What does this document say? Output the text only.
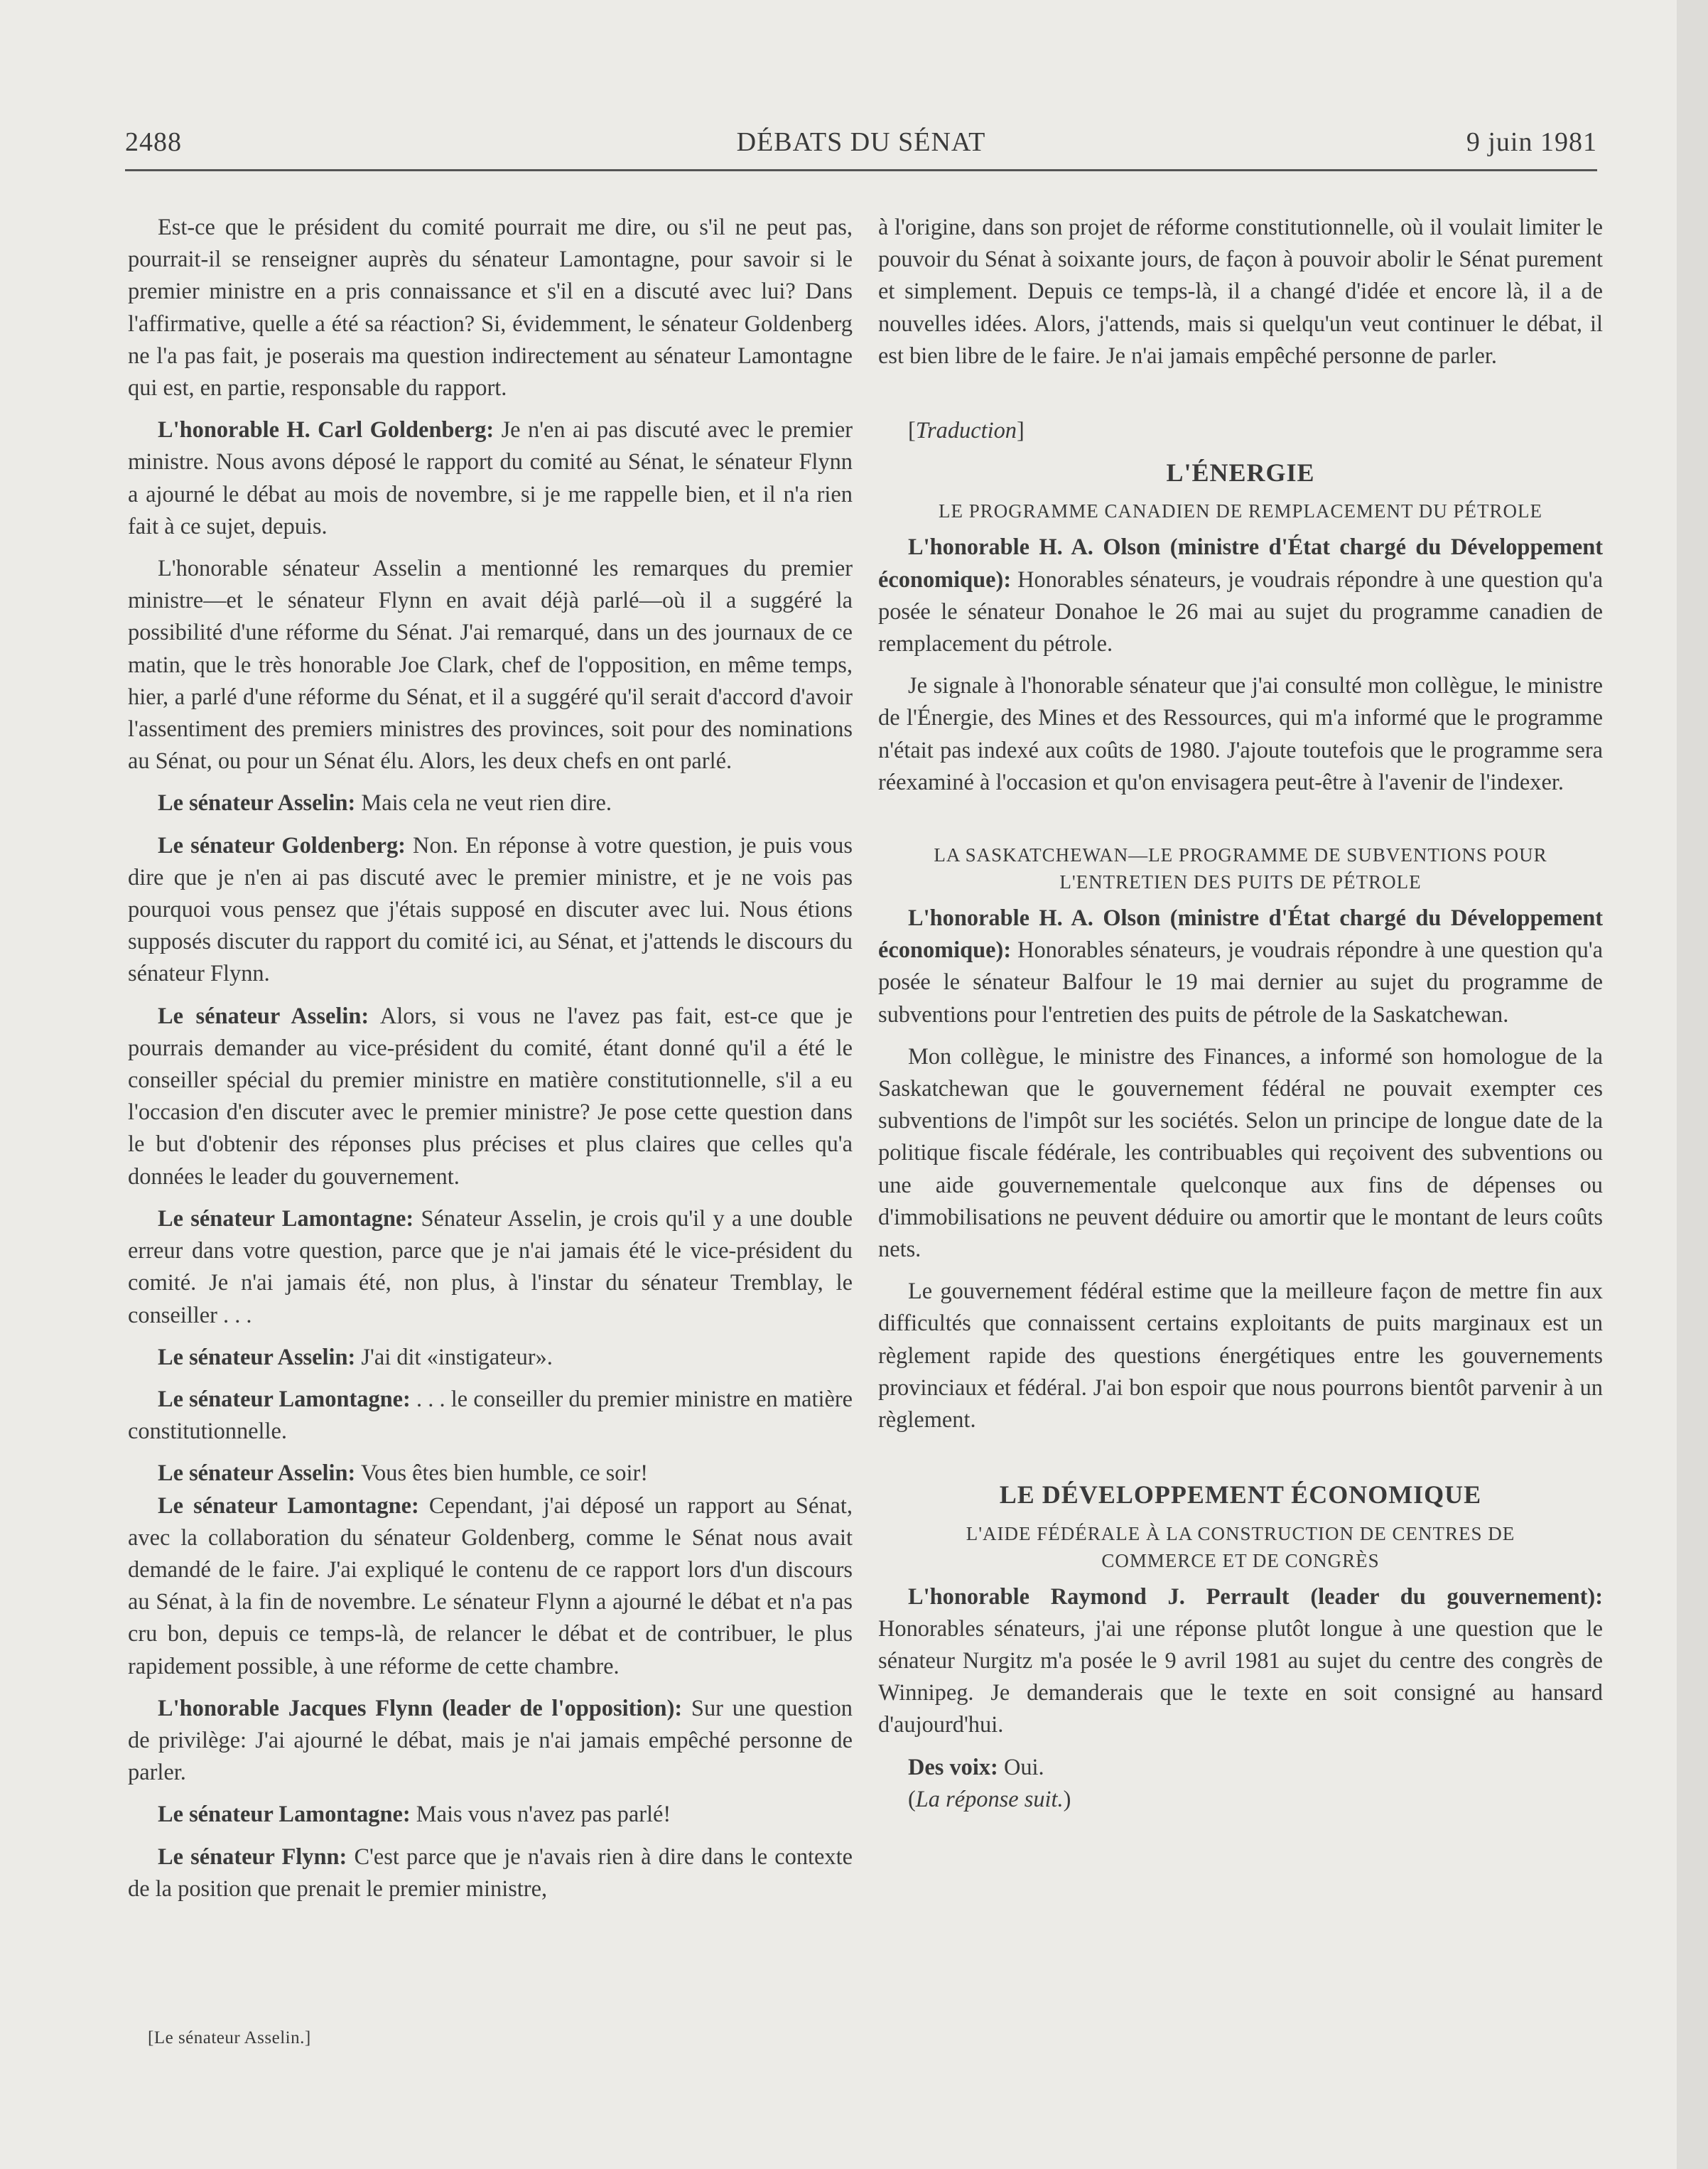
2488	DÉBATS DU SÉNAT	9 juin 1981

Est-ce que le président du comité pourrait me dire, ou s'il ne peut pas, pourrait-il se renseigner auprès du sénateur Lamontagne, pour savoir si le premier ministre en a pris connaissance et s'il en a discuté avec lui? Dans l'affirmative, quelle a été sa réaction? Si, évidemment, le sénateur Goldenberg ne l'a pas fait, je poserais ma question indirectement au sénateur Lamontagne qui est, en partie, responsable du rapport.

L'honorable H. Carl Goldenberg: Je n'en ai pas discuté avec le premier ministre. Nous avons déposé le rapport du comité au Sénat, le sénateur Flynn a ajourné le débat au mois de novembre, si je me rappelle bien, et il n'a rien fait à ce sujet, depuis.

L'honorable sénateur Asselin a mentionné les remarques du premier ministre—et le sénateur Flynn en avait déjà parlé—où il a suggéré la possibilité d'une réforme du Sénat. J'ai remarqué, dans un des journaux de ce matin, que le très honorable Joe Clark, chef de l'opposition, en même temps, hier, a parlé d'une réforme du Sénat, et il a suggéré qu'il serait d'accord d'avoir l'assentiment des premiers ministres des provinces, soit pour des nominations au Sénat, ou pour un Sénat élu. Alors, les deux chefs en ont parlé.

Le sénateur Asselin: Mais cela ne veut rien dire.

Le sénateur Goldenberg: Non. En réponse à votre question, je puis vous dire que je n'en ai pas discuté avec le premier ministre, et je ne vois pas pourquoi vous pensez que j'étais supposé en discuter avec lui. Nous étions supposés discuter du rapport du comité ici, au Sénat, et j'attends le discours du sénateur Flynn.

Le sénateur Asselin: Alors, si vous ne l'avez pas fait, est-ce que je pourrais demander au vice-président du comité, étant donné qu'il a été le conseiller spécial du premier ministre en matière constitutionnelle, s'il a eu l'occasion d'en discuter avec le premier ministre? Je pose cette question dans le but d'obtenir des réponses plus précises et plus claires que celles qu'a données le leader du gouvernement.

Le sénateur Lamontagne: Sénateur Asselin, je crois qu'il y a une double erreur dans votre question, parce que je n'ai jamais été le vice-président du comité. Je n'ai jamais été, non plus, à l'instar du sénateur Tremblay, le conseiller . . .

Le sénateur Asselin: J'ai dit «instigateur».

Le sénateur Lamontagne: . . . le conseiller du premier ministre en matière constitutionnelle.

Le sénateur Asselin: Vous êtes bien humble, ce soir!

Le sénateur Lamontagne: Cependant, j'ai déposé un rapport au Sénat, avec la collaboration du sénateur Goldenberg, comme le Sénat nous avait demandé de le faire. J'ai expliqué le contenu de ce rapport lors d'un discours au Sénat, à la fin de novembre. Le sénateur Flynn a ajourné le débat et n'a pas cru bon, depuis ce temps-là, de relancer le débat et de contribuer, le plus rapidement possible, à une réforme de cette chambre.

L'honorable Jacques Flynn (leader de l'opposition): Sur une question de privilège: J'ai ajourné le débat, mais je n'ai jamais empêché personne de parler.

Le sénateur Lamontagne: Mais vous n'avez pas parlé!

Le sénateur Flynn: C'est parce que je n'avais rien à dire dans le contexte de la position que prenait le premier ministre,

[Le sénateur Asselin.]

à l'origine, dans son projet de réforme constitutionnelle, où il voulait limiter le pouvoir du Sénat à soixante jours, de façon à pouvoir abolir le Sénat purement et simplement. Depuis ce temps-là, il a changé d'idée et encore là, il a de nouvelles idées. Alors, j'attends, mais si quelqu'un veut continuer le débat, il est bien libre de le faire. Je n'ai jamais empêché personne de parler.

[Traduction]

L'ÉNERGIE
LE PROGRAMME CANADIEN DE REMPLACEMENT DU PÉTROLE

L'honorable H. A. Olson (ministre d'État chargé du Développement économique): Honorables sénateurs, je voudrais répondre à une question qu'a posée le sénateur Donahoe le 26 mai au sujet du programme canadien de remplacement du pétrole.

Je signale à l'honorable sénateur que j'ai consulté mon collègue, le ministre de l'Énergie, des Mines et des Ressources, qui m'a informé que le programme n'était pas indexé aux coûts de 1980. J'ajoute toutefois que le programme sera réexaminé à l'occasion et qu'on envisagera peut-être à l'avenir de l'indexer.

LA SASKATCHEWAN—LE PROGRAMME DE SUBVENTIONS POUR
L'ENTRETIEN DES PUITS DE PÉTROLE

L'honorable H. A. Olson (ministre d'État chargé du Développement économique): Honorables sénateurs, je voudrais répondre à une question qu'a posée le sénateur Balfour le 19 mai dernier au sujet du programme de subventions pour l'entretien des puits de pétrole de la Saskatchewan.

Mon collègue, le ministre des Finances, a informé son homologue de la Saskatchewan que le gouvernement fédéral ne pouvait exempter ces subventions de l'impôt sur les sociétés. Selon un principe de longue date de la politique fiscale fédérale, les contribuables qui reçoivent des subventions ou une aide gouvernementale quelconque aux fins de dépenses ou d'immobilisations ne peuvent déduire ou amortir que le montant de leurs coûts nets.

Le gouvernement fédéral estime que la meilleure façon de mettre fin aux difficultés que connaissent certains exploitants de puits marginaux est un règlement rapide des questions énergétiques entre les gouvernements provinciaux et fédéral. J'ai bon espoir que nous pourrons bientôt parvenir à un règlement.

LE DÉVELOPPEMENT ÉCONOMIQUE
L'AIDE FÉDÉRALE À LA CONSTRUCTION DE CENTRES DE
COMMERCE ET DE CONGRÈS

L'honorable Raymond J. Perrault (leader du gouvernement): Honorables sénateurs, j'ai une réponse plutôt longue à une question que le sénateur Nurgitz m'a posée le 9 avril 1981 au sujet du centre des congrès de Winnipeg. Je demanderais que le texte en soit consigné au hansard d'aujourd'hui.

Des voix: Oui.

(La réponse suit.)
